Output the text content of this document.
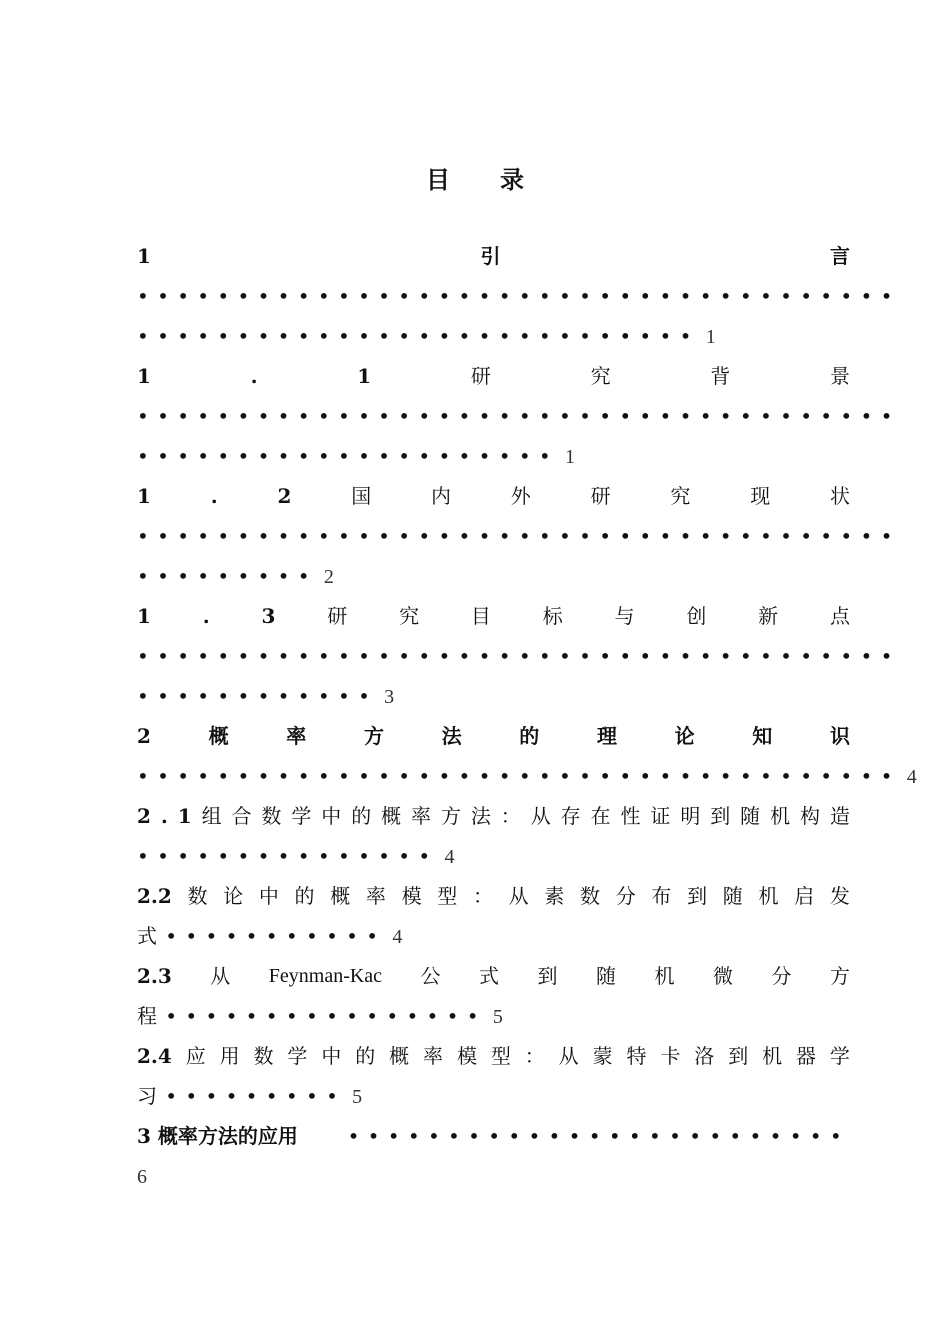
目录
1	引	言
••••••••••••••••••••••••••••••••••••••
•••••••••••••••••••••••••••• 1
1	.	1	研	究	背	景
••••••••••••••••••••••••••••••••••••••
••••••••••••••••••••• 1
1	.	2	国	内	外	研	究	现	状
••••••••••••••••••••••••••••••••••••••
••••••••• 2
1	.	3	研	究	目	标	与	创	新	点
••••••••••••••••••••••••••••••••••••••
•••••••••••• 3
2	概	率	方	法	的	理	论	知	识
•••••••••••••••••••••••••••••••••••••• 4
2 . 1 组 合 数 学 中 的 概 率 方 法 ： 从 存 在 性 证 明 到 随 机 构 造
••••••••••••••• 4
2.2 数 论 中 的 概 率 模 型 ： 从 素 数 分 布 到 随 机 启 发
式••••••••••• 4
2.3 从 Feynman-Kac 公 式 到 随 机 微 分 方
程•••••••••••••••• 5
2.4 应 用 数 学 中 的 概 率 模 型 ： 从 蒙 特 卡 洛 到 机 器 学
习••••••••• 5
3 概率方法的应用 •••••••••••••••••••••••••
6
